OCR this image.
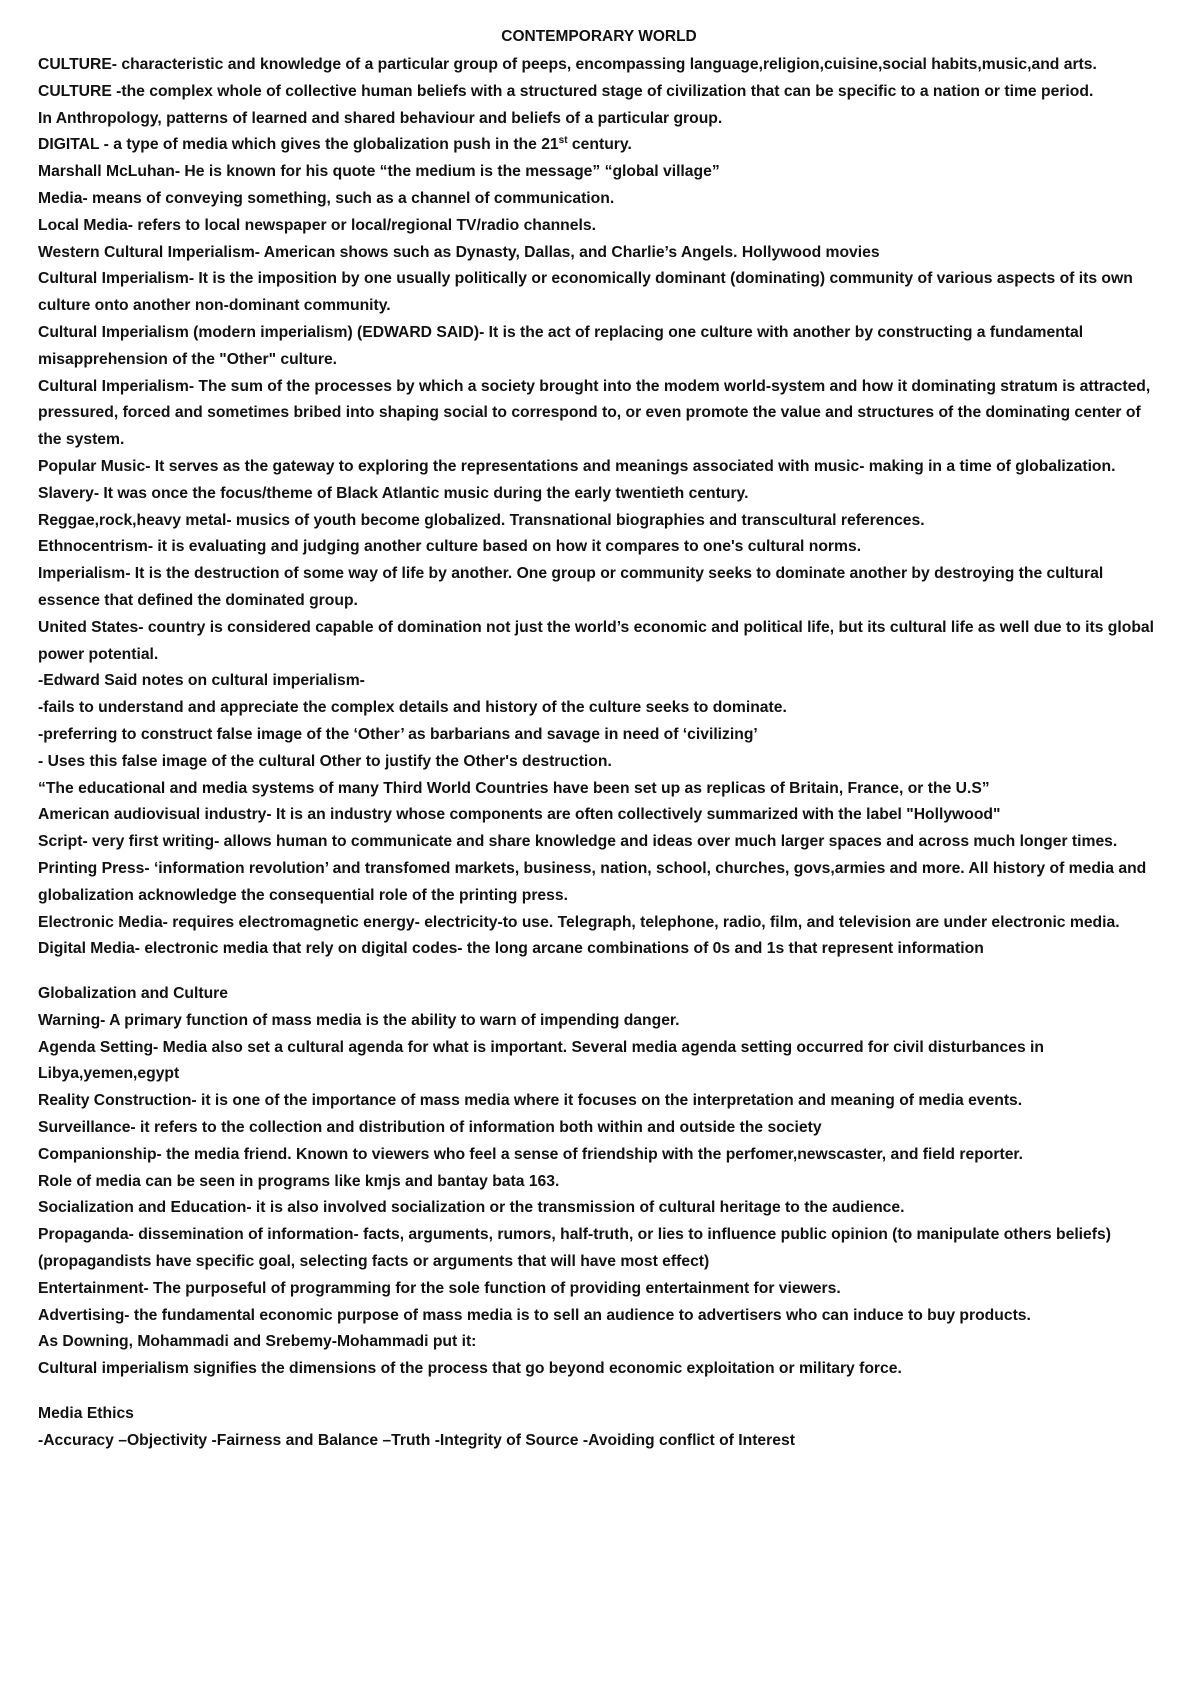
CONTEMPORARY WORLD

CULTURE- characteristic and knowledge of a particular group of peeps, encompassing language,religion,cuisine,social habits,music,and arts.

CULTURE -the complex whole of collective human beliefs with a structured stage of civilization that can be specific to a nation or time period.

In Anthropology, patterns of learned and shared behaviour and beliefs of a particular group.

DIGITAL - a type of media which gives the globalization push in the 21st century.

Marshall McLuhan- He is known for his quote “the medium is the message” “global village”

Media- means of conveying something, such as a channel of communication.

Local Media- refers to local newspaper or local/regional TV/radio channels.

Western Cultural Imperialism- American shows such as Dynasty, Dallas, and Charlie’s Angels. Hollywood movies

Cultural Imperialism- It is the imposition by one usually politically or economically dominant (dominating) community of various aspects of its own culture onto another non-dominant community.

Cultural Imperialism (modern imperialism) (EDWARD SAID)- It is the act of replacing one culture with another by constructing a fundamental misapprehension of the "Other" culture.

Cultural Imperialism- The sum of the processes by which a society brought into the modem world-system and how it dominating stratum is attracted, pressured, forced and sometimes bribed into shaping social to correspond to, or even promote the value and structures of the dominating center of the system.

Popular Music- It serves as the gateway to exploring the representations and meanings associated with music- making in a time of globalization.

Slavery- It was once the focus/theme of Black Atlantic music during the early twentieth century.

Reggae,rock,heavy metal- musics of youth become globalized. Transnational biographies and transcultural references.

Ethnocentrism- it is evaluating and judging another culture based on how it compares to one's cultural norms.

Imperialism- It is the destruction of some way of life by another. One group or community seeks to dominate another by destroying the cultural essence that defined the dominated group.

United States- country is considered capable of domination not just the world’s economic and political life, but its cultural life as well due to its global power potential.

-Edward Said notes on cultural imperialism-

-fails to understand and appreciate the complex details and history of the culture seeks to dominate.

-preferring to construct false image of the ‘Other’ as barbarians and savage in need of ‘civilizing’

- Uses this false image of the cultural Other to justify the Other's destruction.

“The educational and media systems of many Third World Countries have been set up as replicas of Britain, France, or the U.S”

American audiovisual industry- It is an industry whose components are often collectively summarized with the label "Hollywood"

Script- very first writing- allows human to communicate and share knowledge and ideas over much larger spaces and across much longer times.

Printing Press- ‘information revolution’ and transfomed markets, business, nation, school, churches, govs,armies and more. All history of media and globalization acknowledge the consequential role of the printing press.

Electronic Media- requires electromagnetic energy- electricity-to use. Telegraph, telephone, radio, film, and television are under electronic media.

Digital Media- electronic media that rely on digital codes- the long arcane combinations of 0s and 1s that represent information

Globalization and Culture

Warning- A primary function of mass media is the ability to warn of impending danger.

Agenda Setting- Media also set a cultural agenda for what is important. Several media agenda setting occurred for civil disturbances in Libya,yemen,egypt

Reality Construction- it is one of the importance of mass media where it focuses on the interpretation and meaning of media events.

Surveillance- it refers to the collection and distribution of information both within and outside the society

Companionship- the media friend. Known to viewers who feel a sense of friendship with the perfomer,newscaster, and field reporter.

Role of media can be seen in programs like kmjs and bantay bata 163.

Socialization and Education- it is also involved socialization or the transmission of cultural heritage to the audience.

Propaganda- dissemination of information- facts, arguments, rumors, half-truth, or lies to influence public opinion (to manipulate others beliefs) (propagandists have specific goal, selecting facts or arguments that will have most effect)

Entertainment- The purposeful of programming for the sole function of providing entertainment for viewers.

Advertising- the fundamental economic purpose of mass media is to sell an audience to advertisers who can induce to buy products.

As Downing, Mohammadi and Srebemy-Mohammadi put it:

Cultural imperialism signifies the dimensions of the process that go beyond economic exploitation or military force.

Media Ethics

-Accuracy –Objectivity -Fairness and Balance –Truth -Integrity of Source -Avoiding conflict of Interest
